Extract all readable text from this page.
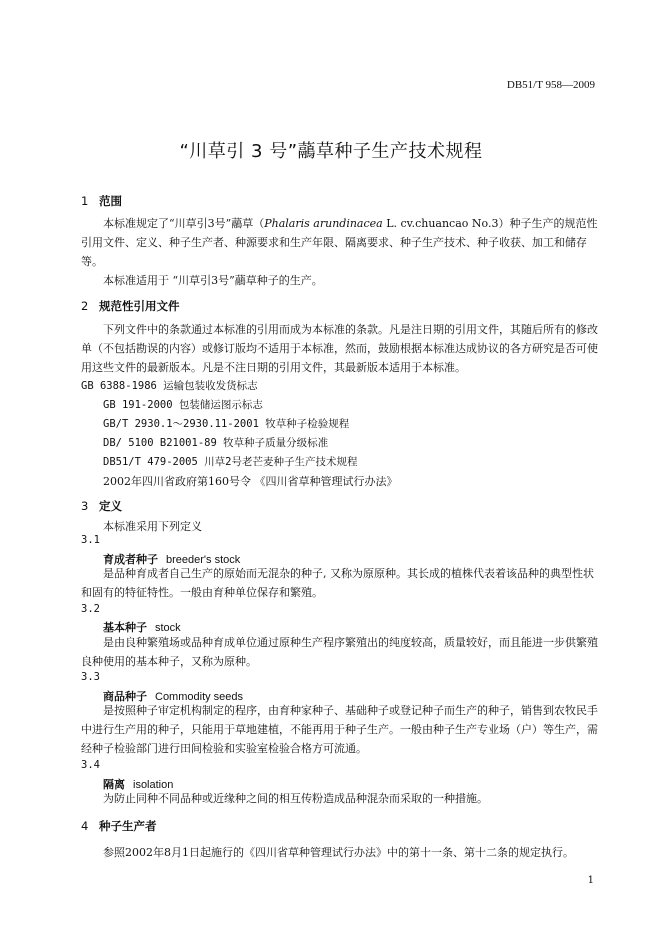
DB51/T 958—2009
“川草引 3 号”虉草种子生产技术规程
1 范围
本标准规定了“川草引3号”虉草（Phalaris arundinacea L. cv.chuancao No.3）种子生产的规范性引用文件、定义、种子生产者、种源要求和生产年限、隔离要求、种子生产技术、种子收获、加工和储存等。
本标准适用于 “川草引3号”虉草种子的生产。
2 规范性引用文件
下列文件中的条款通过本标准的引用而成为本标准的条款。凡是注日期的引用文件，其随后所有的修改单（不包括勘误的内容）或修订版均不适用于本标准，然而，鼓励根据本标准达成协议的各方研究是否可使用这些文件的最新版本。凡是不注日期的引用文件，其最新版本适用于本标准。
GB 6388-1986 运输包装收发货标志
GB 191-2000 包装储运图示标志
GB/T 2930.1～2930.11-2001 牧草种子检验规程
DB/ 5100 B21001-89 牧草种子质量分级标准
DB51/T 479-2005 川草2号老芒麦种子生产技术规程
2002年四川省政府第160号令 《四川省草种管理试行办法》
3 定义
本标准采用下列定义
3.1
育成者种子 breeder's stock
是品种育成者自己生产的原始而无混杂的种子, 又称为原原种。其长成的植株代表着该品种的典型性状和固有的特征特性。一般由育种单位保存和繁殖。
3.2
基本种子 stock
是由良种繁殖场或品种育成单位通过原种生产程序繁殖出的纯度较高，质量较好，而且能进一步供繁殖良种使用的基本种子，又称为原种。
3.3
商品种子 Commodity seeds
是按照种子审定机构制定的程序，由育种家种子、基础种子或登记种子而生产的种子，销售到农牧民手中进行生产用的种子，只能用于草地建植，不能再用于种子生产。一般由种子生产专业场（户）等生产，需经种子检验部门进行田间检验和实验室检验合格方可流通。
3.4
隔离 isolation
为防止同种不同品种或近缘种之间的相互传粉造成品种混杂而采取的一种措施。
4 种子生产者
参照2002年8月1日起施行的《四川省草种管理试行办法》中的第十一条、第十二条的规定执行。
1
